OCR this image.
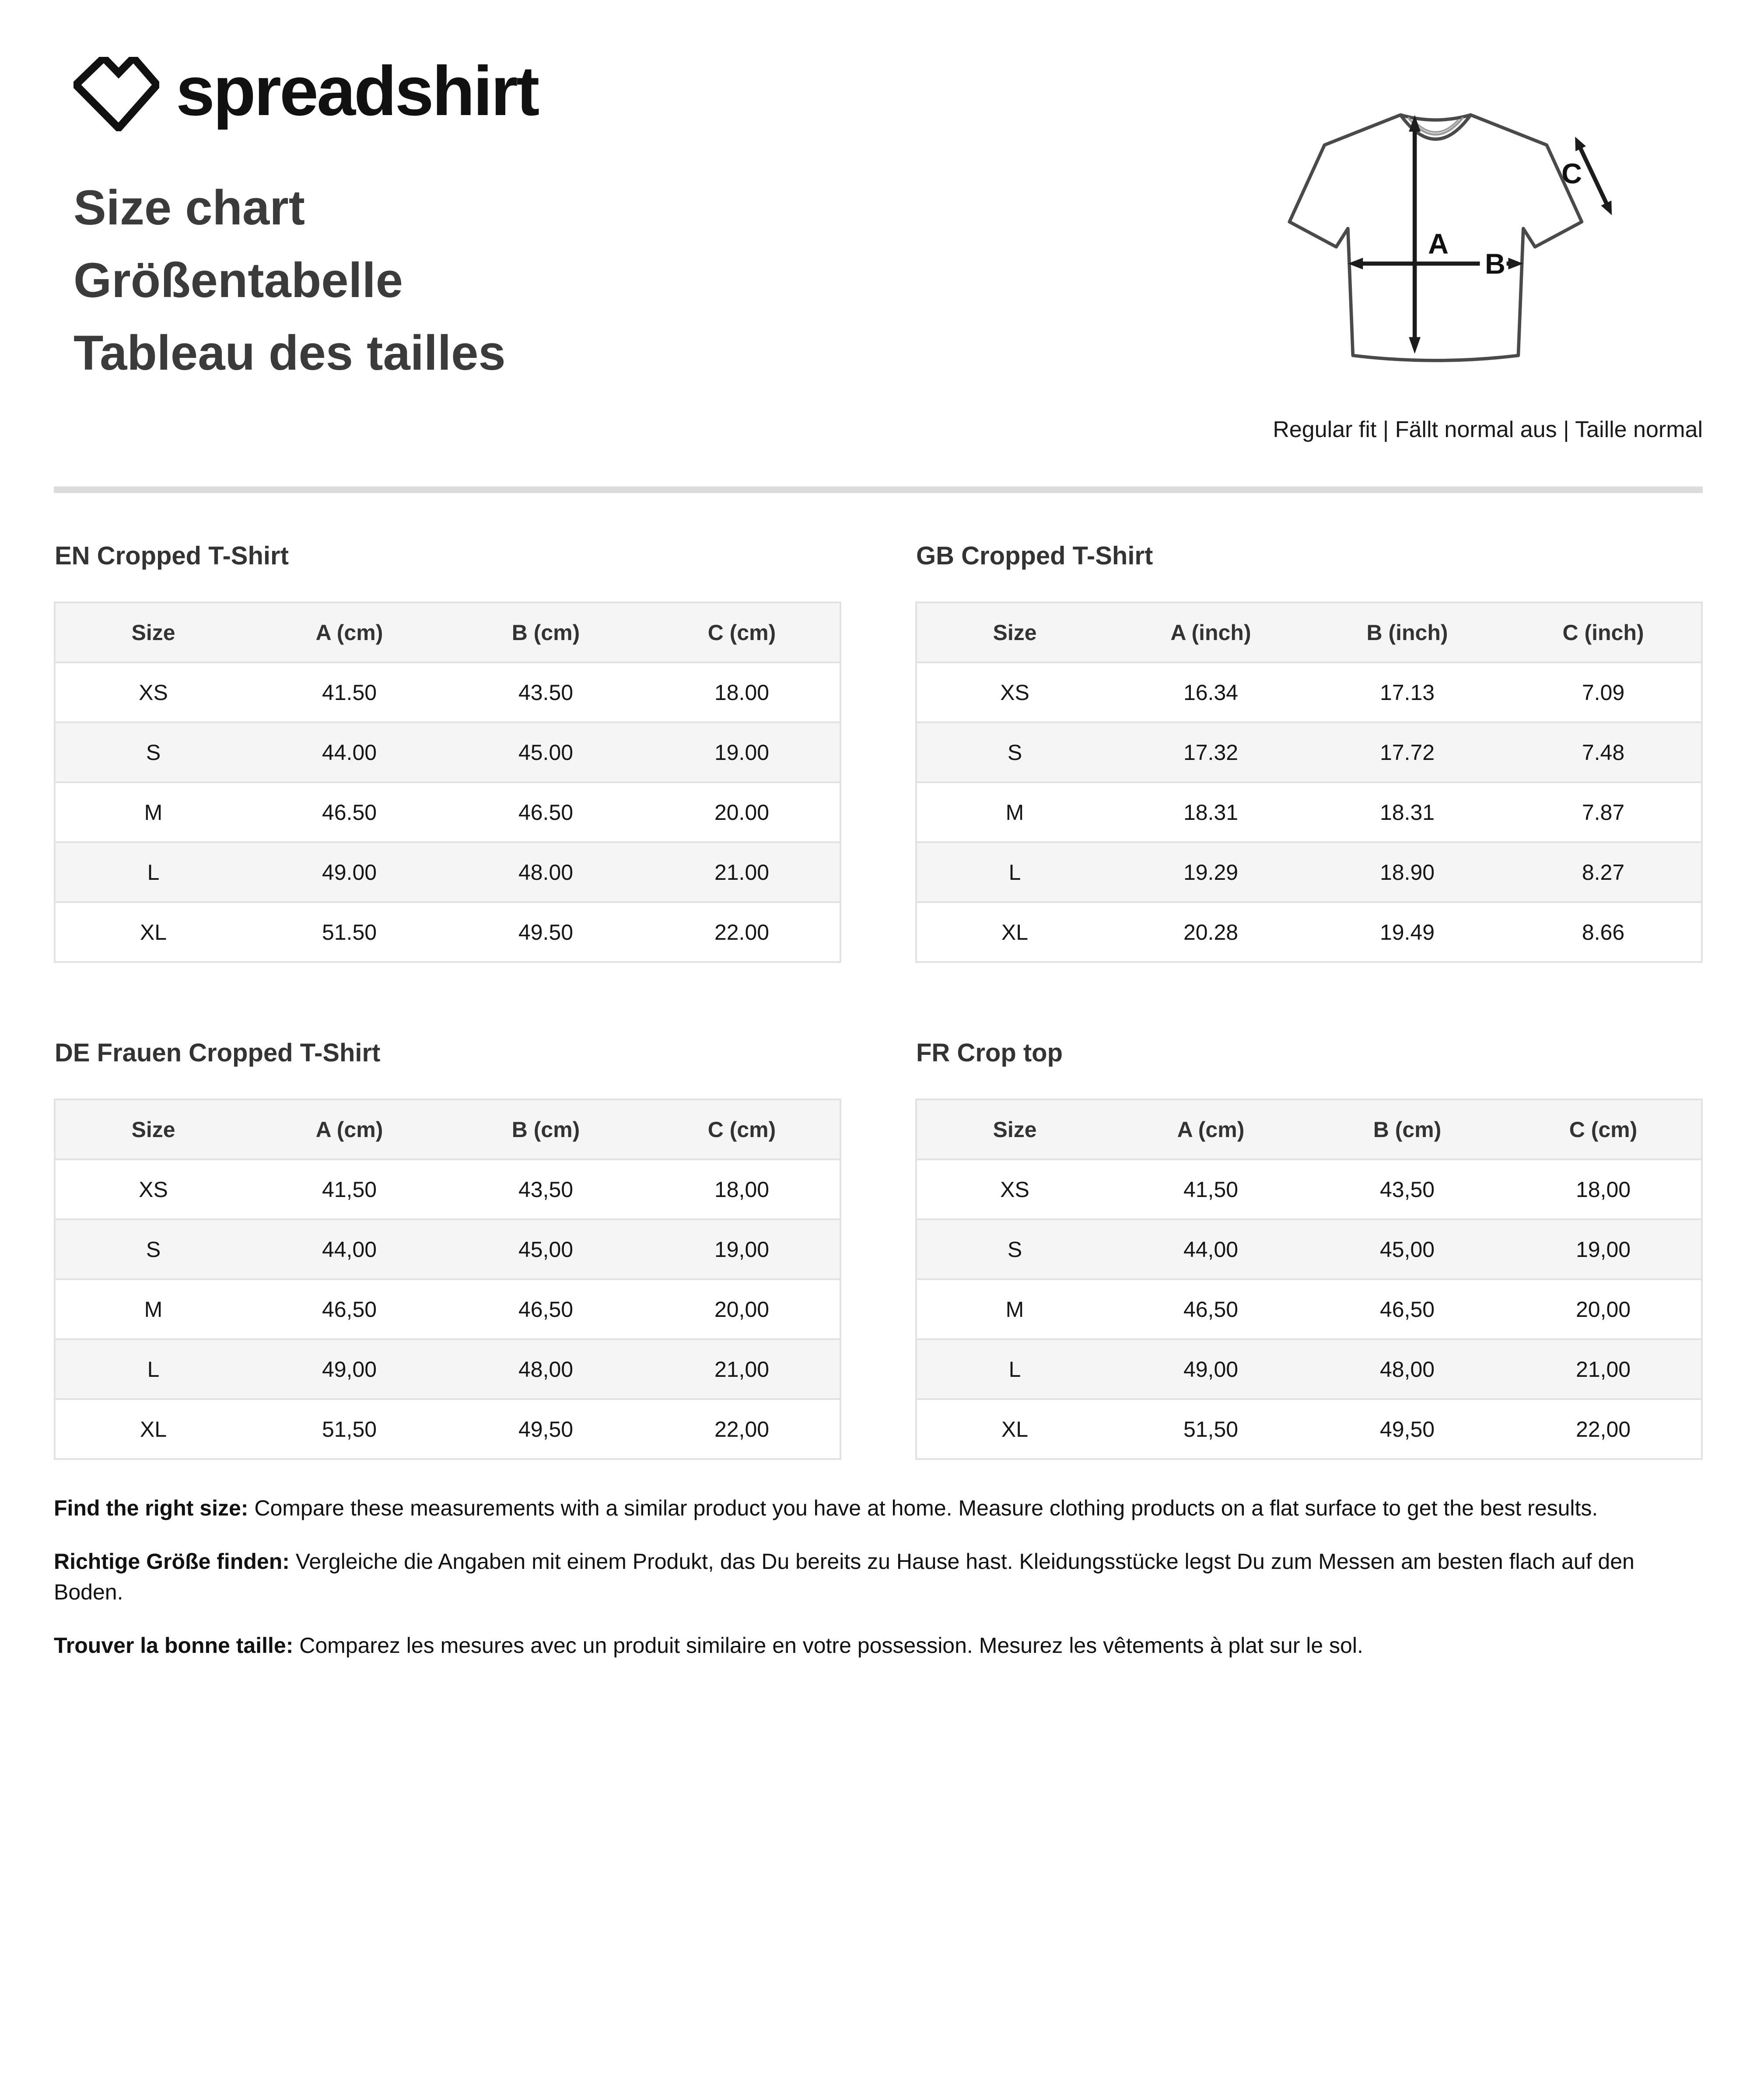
spreadshirt
Size chart
Größentabelle
Tableau des tailles
A
B
C
Regular fit | Fällt normal aus | Taille normal
EN Cropped T-Shirt
Size	A (cm)	B (cm)	C (cm)
XS	41.50	43.50	18.00
S	44.00	45.00	19.00
M	46.50	46.50	20.00
L	49.00	48.00	21.00
XL	51.50	49.50	22.00
GB Cropped T-Shirt
Size	A (inch)	B (inch)	C (inch)
XS	16.34	17.13	7.09
S	17.32	17.72	7.48
M	18.31	18.31	7.87
L	19.29	18.90	8.27
XL	20.28	19.49	8.66
DE Frauen Cropped T-Shirt
Size	A (cm)	B (cm)	C (cm)
XS	41,50	43,50	18,00
S	44,00	45,00	19,00
M	46,50	46,50	20,00
L	49,00	48,00	21,00
XL	51,50	49,50	22,00
FR Crop top
Size	A (cm)	B (cm)	C (cm)
XS	41,50	43,50	18,00
S	44,00	45,00	19,00
M	46,50	46,50	20,00
L	49,00	48,00	21,00
XL	51,50	49,50	22,00

Find the right size: Compare these measurements with a similar product you have at home. Measure clothing products on a flat surface to get the best results.

Richtige Größe finden: Vergleiche die Angaben mit einem Produkt, das Du bereits zu Hause hast. Kleidungsstücke legst Du zum Messen am besten flach auf den Boden.

Trouver la bonne taille: Comparez les mesures avec un produit similaire en votre possession. Mesurez les vêtements à plat sur le sol.
